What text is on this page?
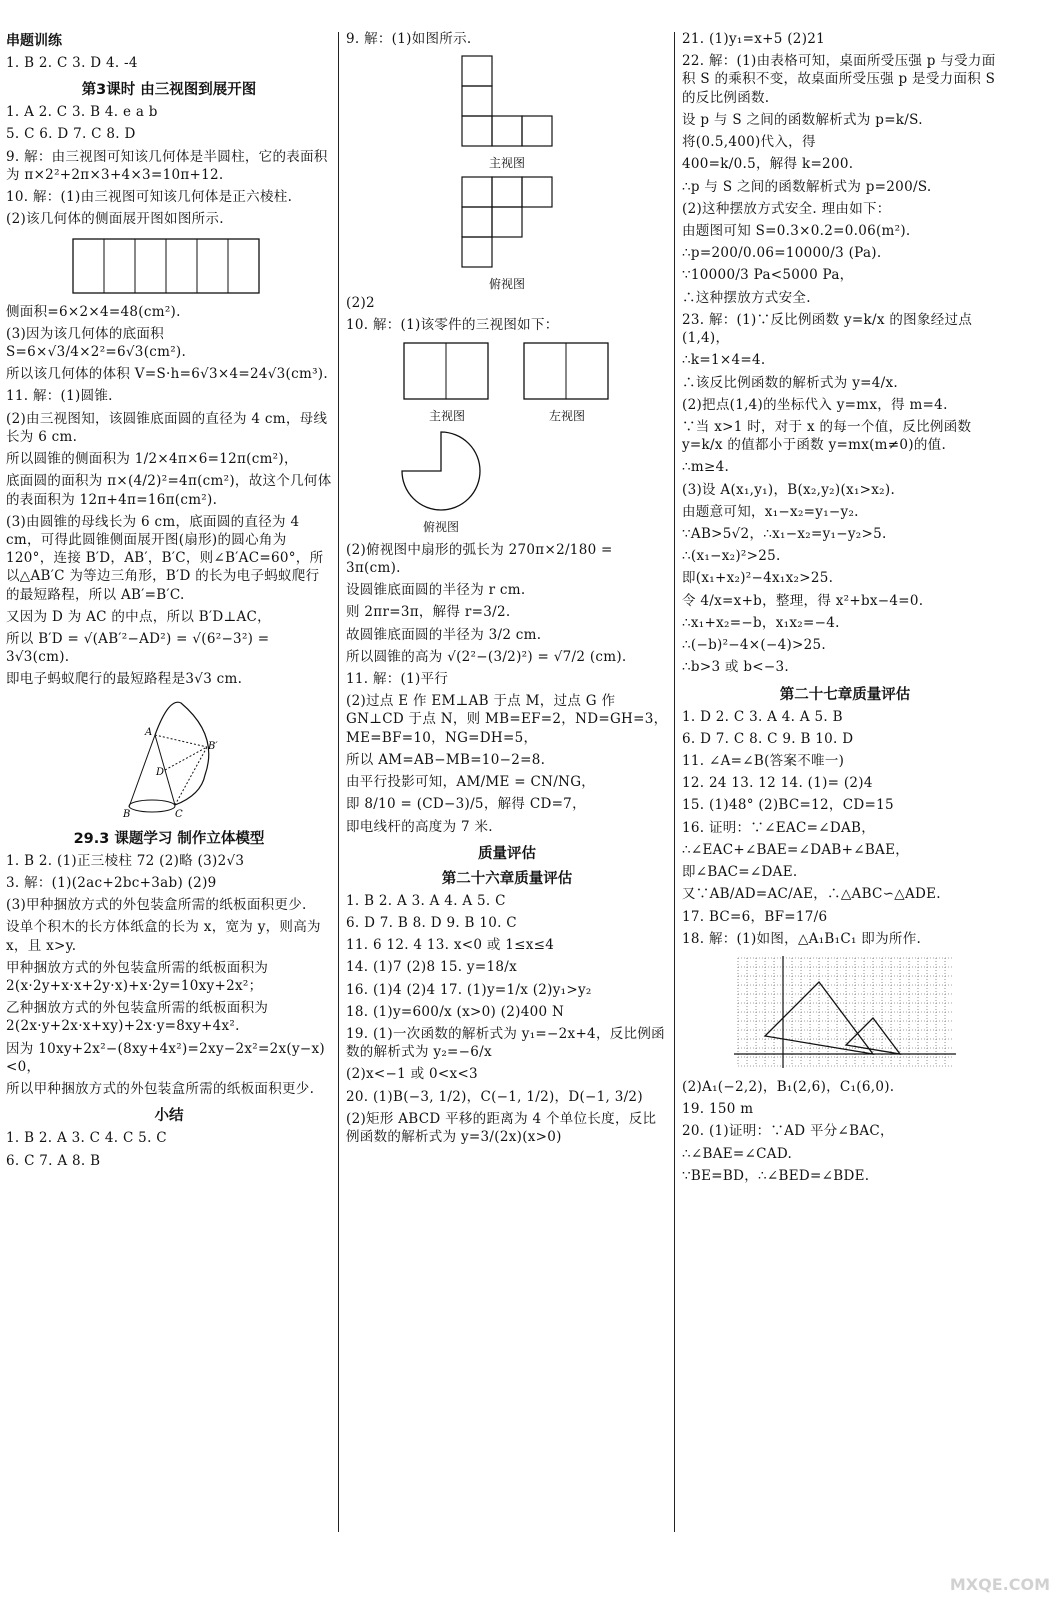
串题训练

1. B 2. C 3. D 4. -4

第3课时 由三视图到展开图

1. A 2. C 3. B 4. e a b

5. C 6. D 7. C 8. D

9. 解：由三视图可知该几何体是半圆柱，它的表面积为 π×2²+2π×3+4×3=10π+12.

10. 解：(1)由三视图可知该几何体是正六棱柱.

(2)该几何体的侧面展开图如图所示.

侧面积=6×2×4=48(cm²).

(3)因为该几何体的底面积 S=6×√3/4×2²=6√3(cm²).

所以该几何体的体积 V=S·h=6√3×4=24√3(cm³).

11. 解：(1)圆锥.

(2)由三视图知，该圆锥底面圆的直径为 4 cm，母线长为 6 cm.

所以圆锥的侧面积为 1/2×4π×6=12π(cm²)，

底面圆的面积为 π×(4/2)²=4π(cm²)，故这个几何体的表面积为 12π+4π=16π(cm²).

(3)由圆锥的母线长为 6 cm，底面圆的直径为 4 cm，可得此圆锥侧面展开图(扇形)的圆心角为 120°，连接 B′D，AB′，B′C，则∠B′AC=60°，所以△AB′C 为等边三角形，B′D 的长为电子蚂蚁爬行的最短路程，所以 AB′=B′C.

又因为 D 为 AC 的中点，所以 B′D⊥AC，

所以 B′D = √(AB′²−AD²) = √(6²−3²) = 3√3(cm).

即电子蚂蚁爬行的最短路程是3√3 cm.

A
B′
D
B	C

29.3 课题学习 制作立体模型

1. B 2. (1)正三棱柱 72 (2)略 (3)2√3

3. 解：(1)(2ac+2bc+3ab) (2)9

(3)甲种捆放方式的外包装盒所需的纸板面积更少.

设单个积木的长方体纸盒的长为 x，宽为 y，则高为 x，且 x>y.

甲种捆放方式的外包装盒所需的纸板面积为 2(x·2y+x·x+2y·x)+x·2y=10xy+2x²；

乙种捆放方式的外包装盒所需的纸板面积为 2(2x·y+2x·x+xy)+2x·y=8xy+4x².

因为 10xy+2x²−(8xy+4x²)=2xy−2x²=2x(y−x)<0，

所以甲种捆放方式的外包装盒所需的纸板面积更少.

小结

1. B 2. A 3. C 4. C 5. C

6. C 7. A 8. B

9. 解：(1)如图所示.

主视图
俯视图

(2)2

10. 解：(1)该零件的三视图如下：

主视图	左视图
俯视图

(2)俯视图中扇形的弧长为 270π×2/180 = 3π(cm).

设圆锥底面圆的半径为 r cm.

则 2πr=3π，解得 r=3/2.

故圆锥底面圆的半径为 3/2 cm.

所以圆锥的高为 √(2²−(3/2)²) = √7/2 (cm).

11. 解：(1)平行

(2)过点 E 作 EM⊥AB 于点 M，过点 G 作 GN⊥CD 于点 N，则 MB=EF=2，ND=GH=3，ME=BF=10，NG=DH=5，

所以 AM=AB−MB=10−2=8.

由平行投影可知，AM/ME = CN/NG，

即 8/10 = (CD−3)/5，解得 CD=7，

即电线杆的高度为 7 米.

质量评估

第二十六章质量评估

1. B 2. A 3. A 4. A 5. C

6. D 7. B 8. D 9. B 10. C

11. 6 12. 4 13. x<0 或 1≤x≤4

14. (1)7 (2)8 15. y=18/x

16. (1)4 (2)4 17. (1)y=1/x (2)y₁>y₂

18. (1)y=600/x (x>0) (2)400 N

19. (1)一次函数的解析式为 y₁=−2x+4，反比例函数的解析式为 y₂=−6/x

(2)x<−1 或 0<x<3

20. (1)B(−3, 1/2)，C(−1, 1/2)，D(−1, 3/2)

(2)矩形 ABCD 平移的距离为 4 个单位长度，反比例函数的解析式为 y=3/(2x)(x>0)

21. (1)y₁=x+5 (2)21

22. 解：(1)由表格可知，桌面所受压强 p 与受力面积 S 的乘积不变，故桌面所受压强 p 是受力面积 S 的反比例函数.

设 p 与 S 之间的函数解析式为 p=k/S.

将(0.5,400)代入，得

400=k/0.5，解得 k=200.

∴p 与 S 之间的函数解析式为 p=200/S.

(2)这种摆放方式安全. 理由如下：

由题图可知 S=0.3×0.2=0.06(m²).

∴p=200/0.06=10000/3 (Pa).

∵10000/3 Pa<5000 Pa，

∴这种摆放方式安全.

23. 解：(1)∵反比例函数 y=k/x 的图象经过点(1,4)，

∴k=1×4=4.

∴该反比例函数的解析式为 y=4/x.

(2)把点(1,4)的坐标代入 y=mx，得 m=4.

∵当 x>1 时，对于 x 的每一个值，反比例函数 y=k/x 的值都小于函数 y=mx(m≠0)的值.

∴m≥4.

(3)设 A(x₁,y₁)，B(x₂,y₂)(x₁>x₂).

由题意可知，x₁−x₂=y₁−y₂.

∵AB>5√2，∴x₁−x₂=y₁−y₂>5.

∴(x₁−x₂)²>25.

即(x₁+x₂)²−4x₁x₂>25.

令 4/x=x+b，整理，得 x²+bx−4=0.

∴x₁+x₂=−b，x₁x₂=−4.

∴(−b)²−4×(−4)>25.

∴b>3 或 b<−3.

第二十七章质量评估

1. D 2. C 3. A 4. A 5. B

6. D 7. C 8. C 9. B 10. D

11. ∠A=∠B(答案不唯一)

12. 24 13. 12 14. (1)= (2)4

15. (1)48° (2)BC=12，CD=15

16. 证明：∵∠EAC=∠DAB，

∴∠EAC+∠BAE=∠DAB+∠BAE，

即∠BAC=∠DAE.

又∵AB/AD=AC/AE，∴△ABC∽△ADE.

17. BC=6，BF=17/6

18. 解：(1)如图，△A₁B₁C₁ 即为所作.

(2)A₁(−2,2)，B₁(2,6)，C₁(6,0).

19. 150 m

20. (1)证明：∵AD 平分∠BAC，

∴∠BAE=∠CAD.

∵BE=BD，∴∠BED=∠BDE.

MXQE.COM
